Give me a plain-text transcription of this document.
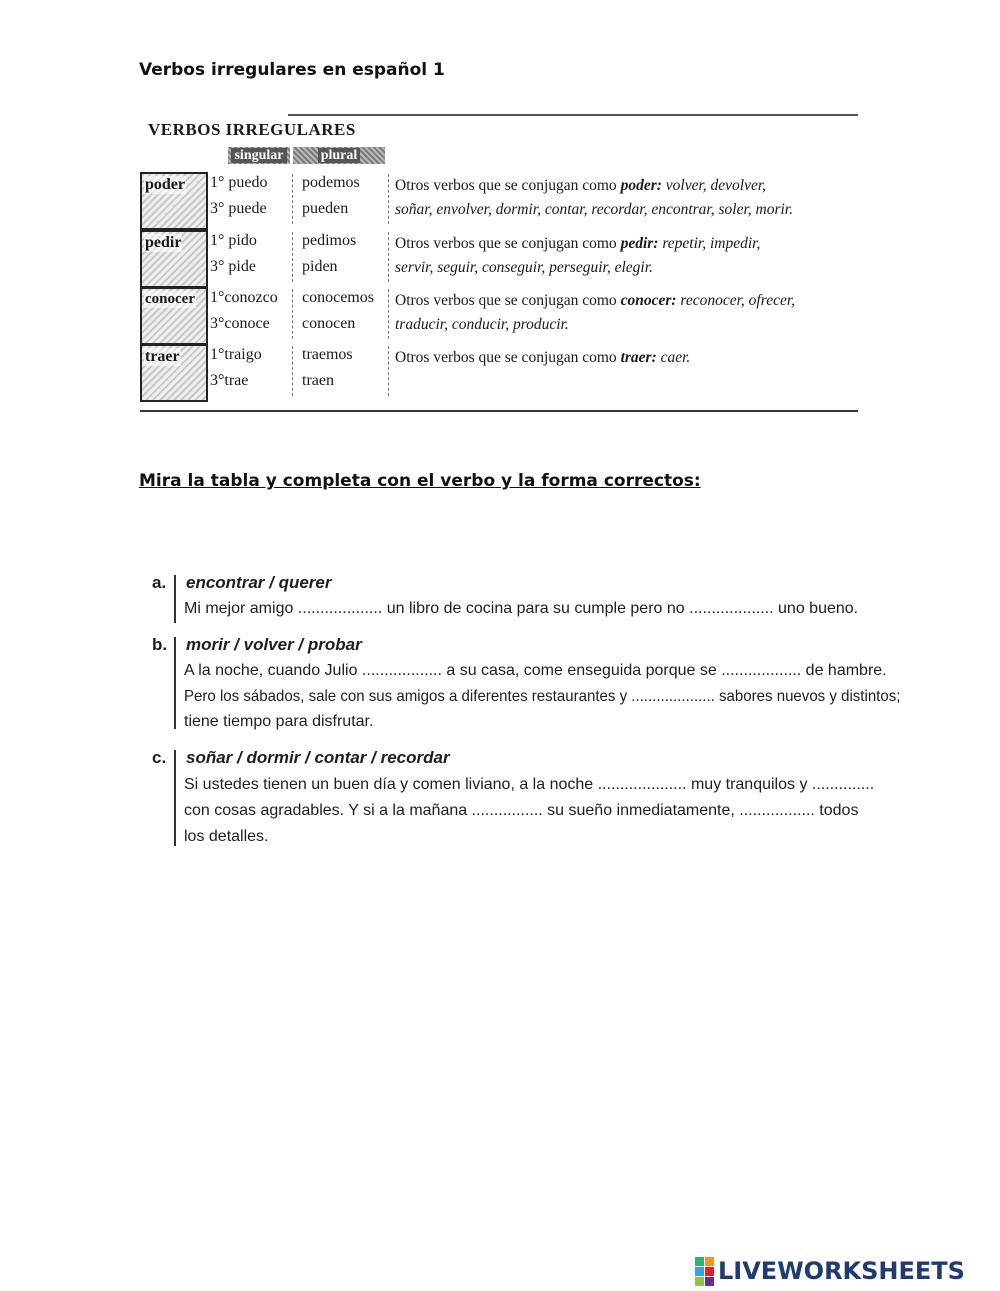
Verbos irregulares en español 1
VERBOS IRREGULARES
singular	plural
poder 1° puedo
3° puede
podemos
pueden
Otros verbos que se conjugan como poder: volver, devolver,
soñar, envolver, dormir, contar, recordar, encontrar, soler, morir.
pedir 1° pido
3° pide
pedimos
piden
Otros verbos que se conjugan como pedir: repetir, impedir,
servir, seguir, conseguir, perseguir, elegir.
conocer 1°conozco
3°conoce
conocemos
conocen
Otros verbos que se conjugan como conocer: reconocer, ofrecer,
traducir, conducir, producir.
traer 1°traigo
3°trae
traemos
traen
Otros verbos que se conjugan como traer: caer.
Mira la tabla y completa con el verbo y la forma correctos:
a. encontrar / querer
Mi mejor amigo ................... un libro de cocina para su cumple pero no ................... uno bueno.
b. morir / volver / probar
A la noche, cuando Julio .................. a su casa, come enseguida porque se .................. de hambre.
Pero los sábados, sale con sus amigos a diferentes restaurantes y .................... sabores nuevos y distintos;
tiene tiempo para disfrutar.
c. soñar / dormir / contar / recordar
Si ustedes tienen un buen día y comen liviano, a la noche .................... muy tranquilos y ..............
con cosas agradables. Y si a la mañana ................ su sueño inmediatamente, ................. todos
los detalles.
LIVEWORKSHEETS
